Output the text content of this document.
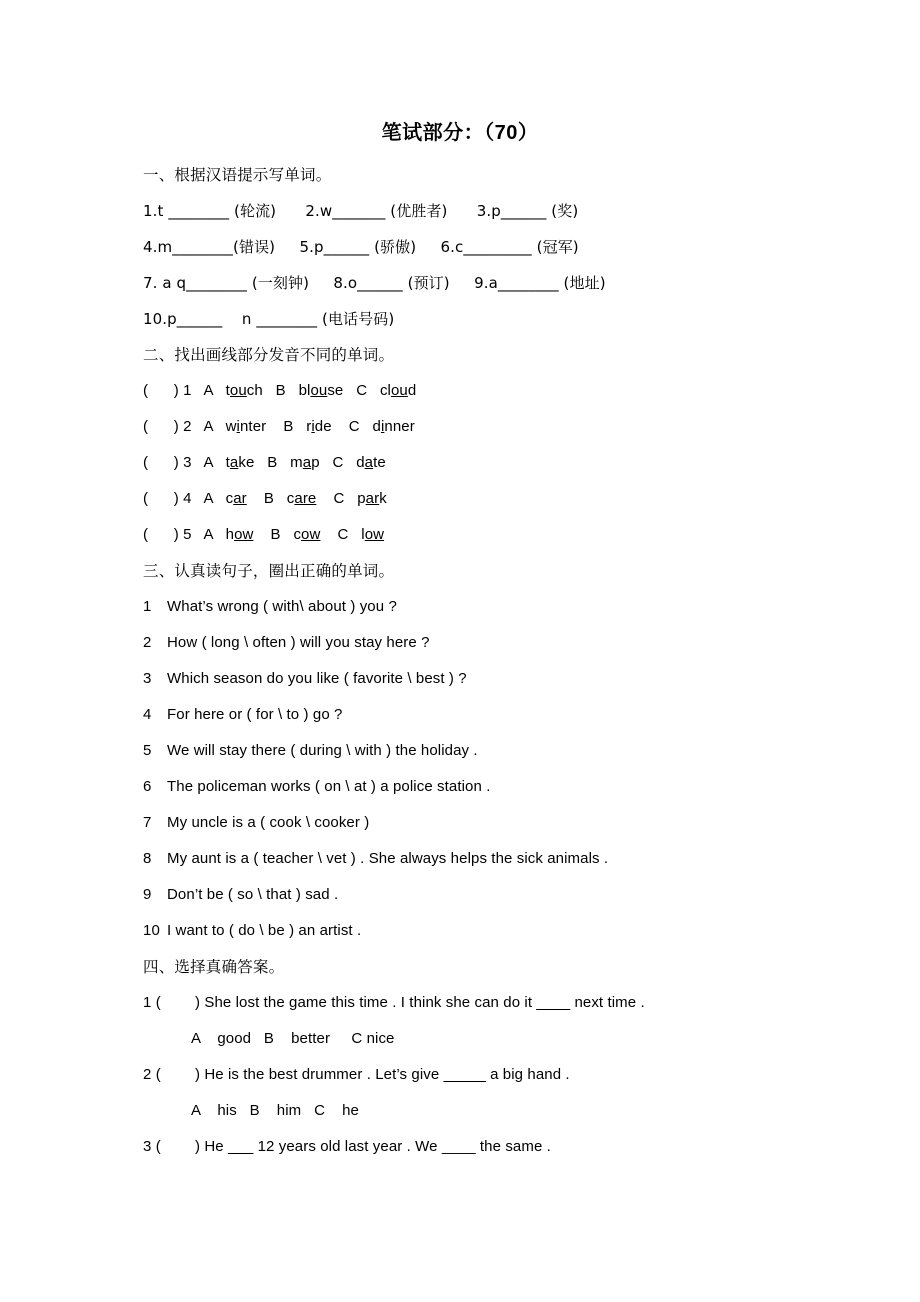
笔试部分：（70）
一、根据汉语提示写单词。
1.t ________ (轮流)      2.w_______ (优胜者)      3.p______ (奖)
4.m________(错误)     5.p______ (骄傲)     6.c_________ (冠军)
7. a q________ (一刻钟)     8.o______ (预订)     9.a________ (地址)
10.p______    n ________ (电话号码)
二、找出画线部分发音不同的单词。
(      ) 1 A touch B blouse C cloud
(      ) 2 A winter B ride C dinner
(      ) 3 A take B map C date
(      ) 4 A car B care C park
(      ) 5 A how B cow C low
三、认真读句子，圈出正确的单词。
1 What’s wrong ( with\ about ) you ?
2 How ( long \ often ) will you stay here ?
3 Which season do you like ( favorite \ best ) ?
4 For here or ( for \ to ) go ?
5 We will stay there ( during \ with ) the holiday .
6 The policeman works ( on \ at ) a police station .
7 My uncle is a ( cook \ cooker )
8 My aunt is a ( teacher \ vet ) . She always helps the sick animals .
9 Don’t be ( so \ that ) sad .
10 I want to ( do \ be ) an artist .
四、选择真确答案。
1 (        ) She lost the game this time . I think she can do it ____ next time .
A    good   B    better     C nice
2 (        ) He is the best drummer . Let’s give _____ a big hand .
A    his   B    him   C    he
3 (        ) He ___ 12 years old last year . We ____ the same .
